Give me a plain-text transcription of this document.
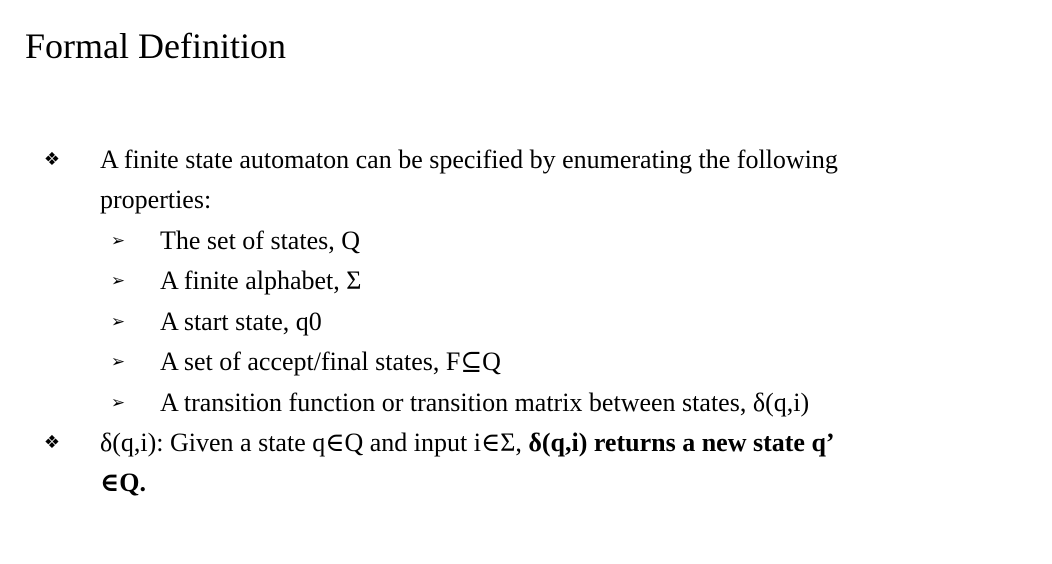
Formal Definition
❖ A finite state automaton can be specified by enumerating the following
properties:
➢ The set of states, Q
➢ A finite alphabet, Σ
➢ A start state, q0
➢ A set of accept/final states, F⊆Q
➢ A transition function or transition matrix between states, δ(q,i)
❖ δ(q,i): Given a state q∈Q and input i∈Σ, δ(q,i) returns a new state q’
∈Q.
